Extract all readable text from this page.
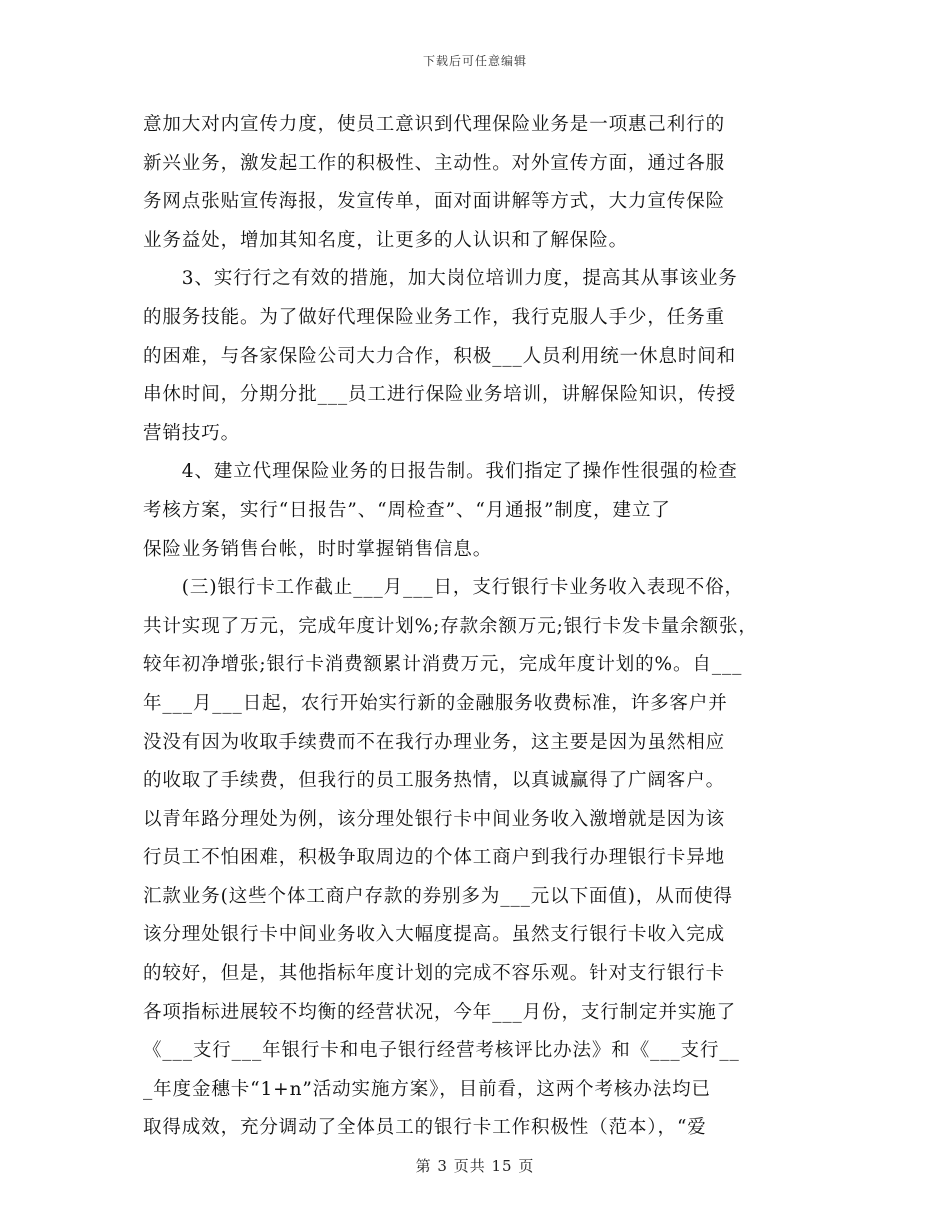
下载后可任意编辑

意加大对内宣传力度，使员工意识到代理保险业务是一项惠己利行的
新兴业务，激发起工作的积极性、主动性。对外宣传方面，通过各服
务网点张贴宣传海报，发宣传单，面对面讲解等方式，大力宣传保险
业务益处，增加其知名度，让更多的人认识和了解保险。
　　3、实行行之有效的措施，加大岗位培训力度，提高其从事该业务
的服务技能。为了做好代理保险业务工作，我行克服人手少，任务重
的困难，与各家保险公司大力合作，积极___人员利用统一休息时间和
串休时间，分期分批___员工进行保险业务培训，讲解保险知识，传授
营销技巧。
　　4、建立代理保险业务的日报告制。我们指定了操作性很强的检查
考核方案，实行“日报告”、“周检查”、“月通报”制度，建立了
保险业务销售台帐，时时掌握销售信息。
　　(三)银行卡工作截止___月___日，支行银行卡业务收入表现不俗，
共计实现了万元，完成年度计划%;存款余额万元;银行卡发卡量余额张，
较年初净增张;银行卡消费额累计消费万元，完成年度计划的%。自___
年___月___日起，农行开始实行新的金融服务收费标准，许多客户并
没没有因为收取手续费而不在我行办理业务，这主要是因为虽然相应
的收取了手续费，但我行的员工服务热情，以真诚赢得了广阔客户。
以青年路分理处为例，该分理处银行卡中间业务收入激增就是因为该
行员工不怕困难，积极争取周边的个体工商户到我行办理银行卡异地
汇款业务(这些个体工商户存款的券别多为___元以下面值)，从而使得
该分理处银行卡中间业务收入大幅度提高。虽然支行银行卡收入完成
的较好，但是，其他指标年度计划的完成不容乐观。针对支行银行卡
各项指标进展较不均衡的经营状况，今年___月份，支行制定并实施了
《___支行___年银行卡和电子银行经营考核评比办法》和《___支行__
_年度金穗卡“1+n”活动实施方案》，目前看，这两个考核办法均已
取得成效，充分调动了全体员工的银行卡工作积极性（范本），“爱

第 3 页共 15 页
